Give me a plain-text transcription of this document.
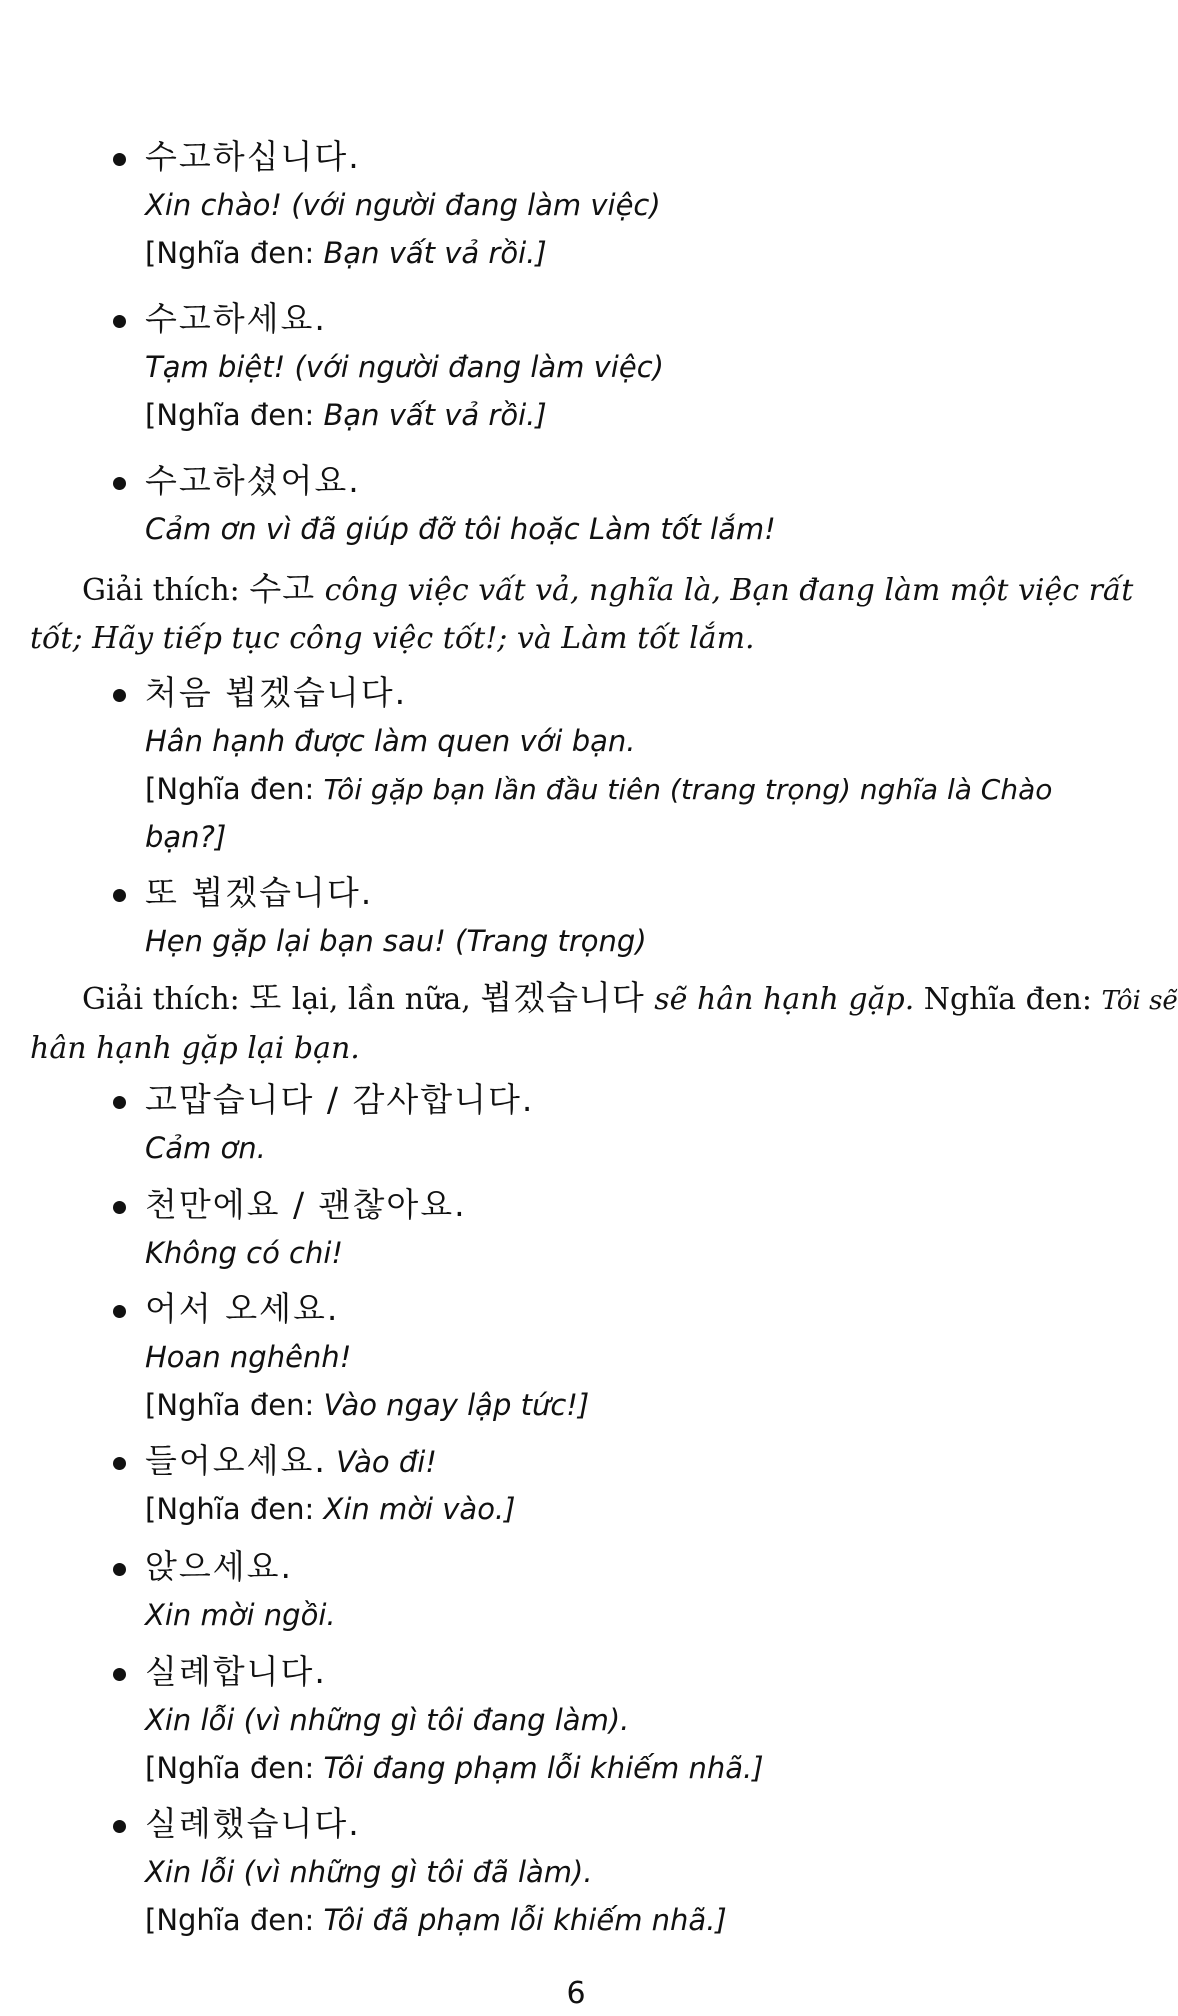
수고하십니다.
Xin chào! (với người đang làm việc)
[Nghĩa đen: Bạn vất vả rồi.]
수고하세요.
Tạm biệt! (với người đang làm việc)
[Nghĩa đen: Bạn vất vả rồi.]
수고하셨어요.
Cảm ơn vì đã giúp đỡ tôi hoặc Làm tốt lắm!
Giải thích: 수고 công việc vất vả, nghĩa là, Bạn đang làm một việc rất
tốt; Hãy tiếp tục công việc tốt!; và Làm tốt lắm.
처음 뵙겠습니다.
Hân hạnh được làm quen với bạn.
[Nghĩa đen: Tôi gặp bạn lần đầu tiên (trang trọng) nghĩa là Chào
bạn?]
또 뵙겠습니다.
Hẹn gặp lại bạn sau! (Trang trọng)
Giải thích: 또 lại, lần nữa, 뵙겠습니다 sẽ hân hạnh gặp. Nghĩa đen: Tôi sẽ
hân hạnh gặp lại bạn.
고맙습니다 / 감사합니다.
Cảm ơn.
천만에요 / 괜찮아요.
Không có chi!
어서 오세요.
Hoan nghênh!
[Nghĩa đen: Vào ngay lập tức!]
들어오세요. Vào đi!
[Nghĩa đen: Xin mời vào.]
앉으세요.
Xin mời ngồi.
실례합니다.
Xin lỗi (vì những gì tôi đang làm).
[Nghĩa đen: Tôi đang phạm lỗi khiếm nhã.]
실례했습니다.
Xin lỗi (vì những gì tôi đã làm).
[Nghĩa đen: Tôi đã phạm lỗi khiếm nhã.]
6
